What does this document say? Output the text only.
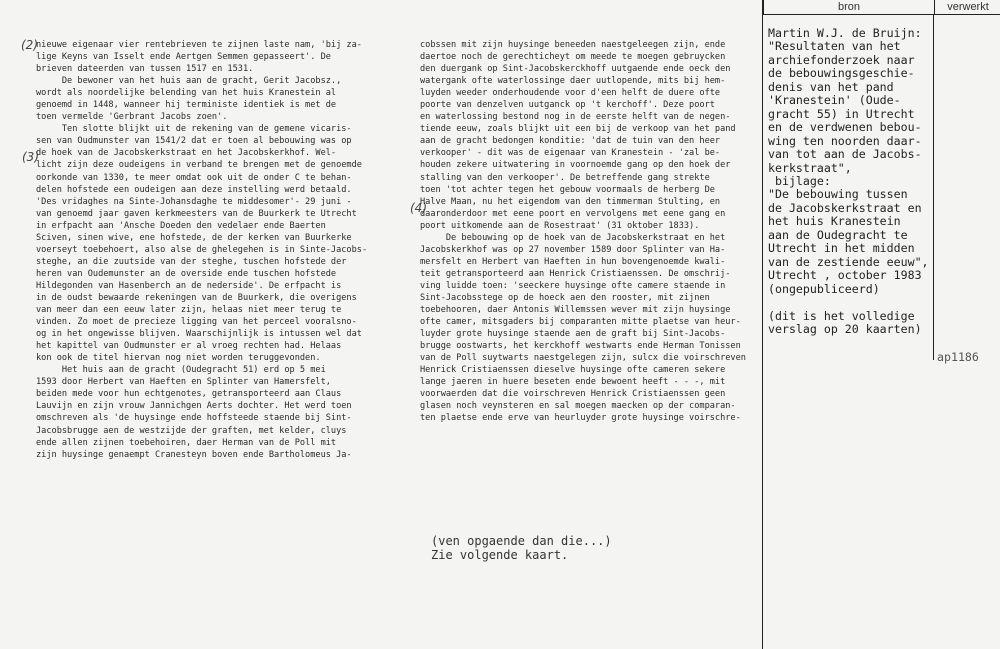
(2)
(3)
(4)
nieuwe eigenaar vier rentebrieven te zijnen laste nam, 'bij za-
lige Keyns van Isselt ende Aertgen Semmen gepasseert'. De
brieven dateerden van tussen 1517 en 1531.
De bewoner van het huis aan de gracht, Gerit Jacobsz.,
wordt als noordelijke belending van het huis Kranestein al
genoemd in 1448, wanneer hij terministe identiek is met de
toen vermelde 'Gerbrant Jacobs zoen'.
Ten slotte blijkt uit de rekening van de gemene vicaris-
sen van Oudmunster van 1541/2 dat er toen al bebouwing was op
de hoek van de Jacobskerkstraat en het Jacobskerkhof. Wel-
licht zijn deze oudeigens in verband te brengen met de genoemde
oorkonde van 1330, te meer omdat ook uit de onder C te behan-
delen hofstede een oudeigen aan deze instelling werd betaald.
'Des vridaghes na Sinte-Johansdaghe te middesomer'- 29 juni -
van genoemd jaar gaven kerkmeesters van de Buurkerk te Utrecht
in erfpacht aan 'Ansche Doeden den vedelaer ende Baerten
Sciven, sinen wive, ene hofstede, de der kerken van Buurkerke
voerseyt toebehoert, also alse de ghelegehen is in Sinte-Jacobs-
steghe, an die zuutside van der steghe, tuschen hofstede der
heren van Oudemunster an de overside ende tuschen hofstede
Hildegonden van Hasenberch an de nederside'. De erfpacht is
in de oudst bewaarde rekeningen van de Buurkerk, die overigens
van meer dan een eeuw later zijn, helaas niet meer terug te
vinden. Zo moet de precieze ligging van het perceel vooralsno-
og in het ongewisse blijven. Waarschijnlijk is intussen wel dat
het kapittel van Oudmunster er al vroeg rechten had. Helaas
kon ook de titel hiervan nog niet worden teruggevonden.
Het huis aan de gracht (Oudegracht 51) erd op 5 mei
1593 door Herbert van Haeften en Splinter van Hamersfelt,
beiden mede voor hun echtgenotes, getransporteerd aan Claus
Lauvijn en zijn vrouw Jannichgen Aerts dochter. Het werd toen
omschreven als 'de huysinge ende hoffsteede staende bij Sint-
Jacobsbrugge aen de westzijde der graften, met kelder, cluys
ende allen zijnen toebehoiren, daer Herman van de Poll mit
zijn huysinge genaempt Cranesteyn boven ende Bartholomeus Ja-
cobssen mit zijn huysinge beneeden naestgeleegen zijn, ende
daertoe noch de gerechticheyt om meede te moegen gebruycken
den duergank op Sint-Jacobskerckhoff uutgaende ende oeck den
watergank ofte waterlossinge daer uutlopende, mits bij hem-
luyden weeder onderhoudende voor d'een helft de duere ofte
poorte van denzelven uutganck op 't kerchoff'. Deze poort
en waterlossing bestond nog in de eerste helft van de negen-
tiende eeuw, zoals blijkt uit een bij de verkoop van het pand
aan de gracht bedongen konditie: 'dat de tuin van den heer
verkooper' - dit was de eigenaar van Kranestein - 'zal be-
houden zekere uitwatering in voornoemde gang op den hoek der
stalling van den verkooper'. De betreffende gang strekte
toen 'tot achter tegen het gebouw voormaals de herberg De
Halve Maan, nu het eigendom van den timmerman Stulting, en
daaronderdoor met eene poort en vervolgens met eene gang en
poort uitkomende aan de Rosestraat' (31 oktober 1833).
De bebouwing op de hoek van de Jacobskerkstraat en het
Jacobskerkhof was op 27 november 1589 door Splinter van Ha-
mersfelt en Herbert van Haeften in hun bovengenoemde kwali-
teit getransporteerd aan Henrick Cristiaenssen. De omschrij-
ving luidde toen: 'seeckere huysinge ofte camere staende in
Sint-Jacobsstege op de hoeck aen den rooster, mit zijnen
toebehooren, daer Antonis Willemssen wever mit zijn huysinge
ofte camer, mitsgaders bij comparanten mitte plaetse van heur-
luyder grote huysinge staende aen de graft bij Sint-Jacobs-
brugge oostwarts, het kerckhoff westwarts ende Herman Tonissen
van de Poll suytwarts naestgelegen zijn, sulcx die voirschreven
Henrick Cristiaenssen dieselve huysinge ofte cameren sekere
lange jaeren in huere beseten ende bewoent heeft - - -, mit
voorwaerden dat die voirschreven Henrick Cristiaenssen geen
glasen noch veynsteren en sal moegen maecken op der comparan-
ten plaetse ende erve van heurluyder grote huysinge voirschre-
(ven opgaende dan die...)
Zie volgende kaart.
bron	verwerkt
Martin W.J. de Bruijn:
"Resultaten van het
archiefonderzoek naar
de bebouwingsgeschie-
denis van het pand
'Kranestein' (Oude-
gracht 55) in Utrecht
en de verdwenen bebou-
wing ten noorden daar-
van tot aan de Jacobs-
kerkstraat",
bijlage:
"De bebouwing tussen
de Jacobskerkstraat en
het huis Kranestein
aan de Oudegracht te
Utrecht in het midden
van de zestiende eeuw",
Utrecht , october 1983
(ongepubliceerd)

(dit is het volledige
verslag op 20 kaarten)
ap1186
